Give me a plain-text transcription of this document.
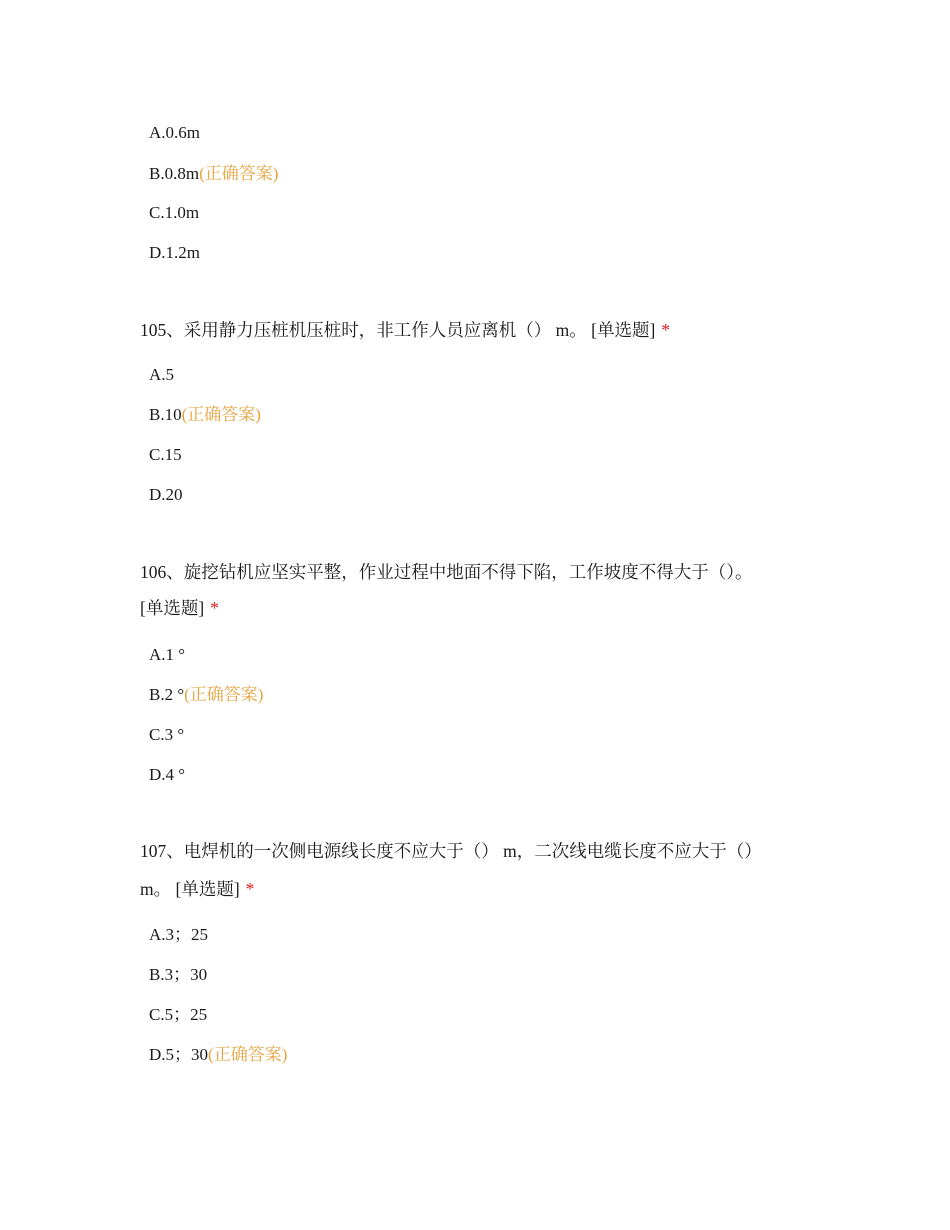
A.0.6m
B.0.8m(正确答案)
C.1.0m
D.1.2m
105、采用静力压桩机压桩时，非工作人员应离机（） m。 [单选题] *
A.5
B.10(正确答案)
C.15
D.20
106、旋挖钻机应坚实平整，作业过程中地面不得下陷，工作坡度不得大于（）。
[单选题] *
A.1 °
B.2 °(正确答案)
C.3 °
D.4 °
107、电焊机的一次侧电源线长度不应大于（） m，二次线电缆长度不应大于（）
m。 [单选题] *
A.3；25
B.3；30
C.5；25
D.5；30(正确答案)
